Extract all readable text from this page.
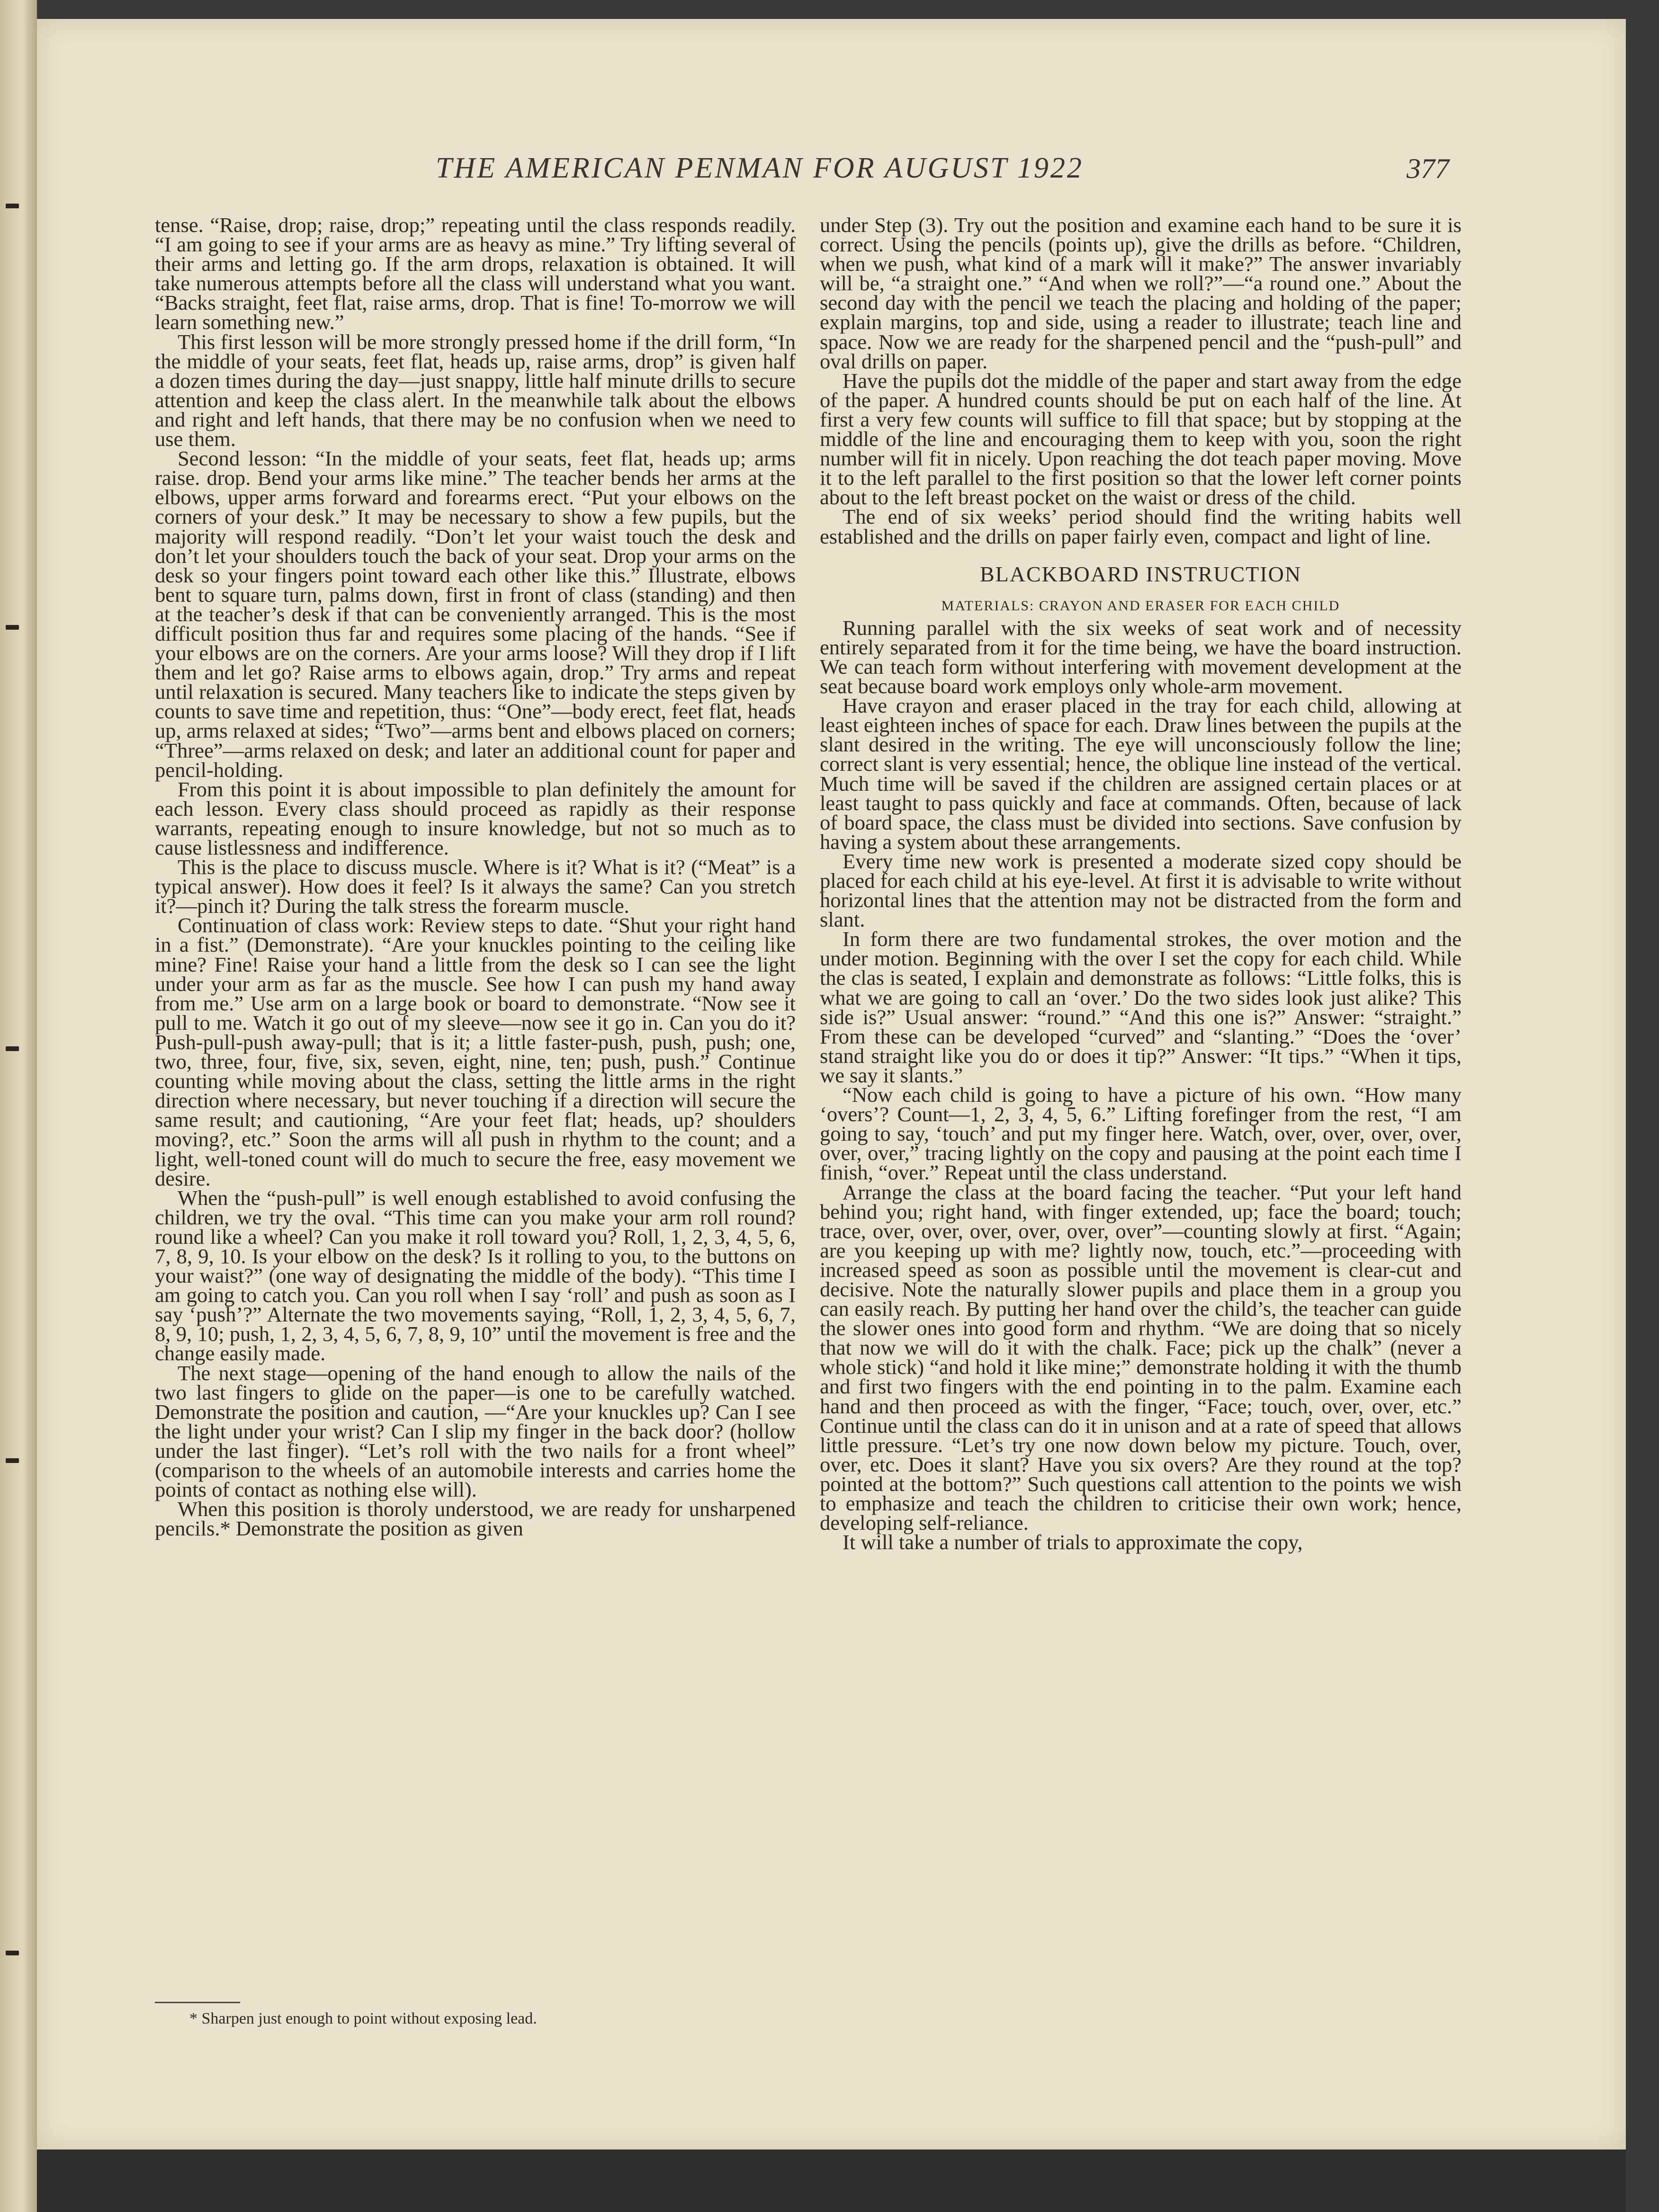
THE AMERICAN PENMAN FOR AUGUST 1922	377

tense. “Raise, drop; raise, drop;” repeating until the class responds readily. “I am going to see if your arms are as heavy as mine.” Try lifting several of their arms and letting go. If the arm drops, relaxation is obtained. It will take numerous attempts before all the class will understand what you want. “Backs straight, feet flat, raise arms, drop. That is fine! To-morrow we will learn something new.”

This first lesson will be more strongly pressed home if the drill form, “In the middle of your seats, feet flat, heads up, raise arms, drop” is given half a dozen times during the day—just snappy, little half minute drills to secure attention and keep the class alert. In the meanwhile talk about the elbows and right and left hands, that there may be no confusion when we need to use them.

Second lesson: “In the middle of your seats, feet flat, heads up; arms raise. drop. Bend your arms like mine.” The teacher bends her arms at the elbows, upper arms forward and forearms erect. “Put your elbows on the corners of your desk.” It may be necessary to show a few pupils, but the majority will respond readily. “Don’t let your waist touch the desk and don’t let your shoulders touch the back of your seat. Drop your arms on the desk so your fingers point toward each other like this.” Illustrate, elbows bent to square turn, palms down, first in front of class (standing) and then at the teacher’s desk if that can be conveniently arranged. This is the most difficult position thus far and requires some placing of the hands. “See if your elbows are on the corners. Are your arms loose? Will they drop if I lift them and let go? Raise arms to elbows again, drop.” Try arms and repeat until relaxation is secured. Many teachers like to indicate the steps given by counts to save time and repetition, thus: “One”—body erect, feet flat, heads up, arms relaxed at sides; “Two”—arms bent and elbows placed on corners; “Three”—arms relaxed on desk; and later an additional count for paper and pencil-holding.

From this point it is about impossible to plan definitely the amount for each lesson. Every class should proceed as rapidly as their response warrants, repeating enough to insure knowledge, but not so much as to cause listlessness and indifference.

This is the place to discuss muscle. Where is it? What is it? (“Meat” is a typical answer). How does it feel? Is it always the same? Can you stretch it?—pinch it? During the talk stress the forearm muscle.

Continuation of class work: Review steps to date. “Shut your right hand in a fist.” (Demonstrate). “Are your knuckles pointing to the ceiling like mine? Fine! Raise your hand a little from the desk so I can see the light under your arm as far as the muscle. See how I can push my hand away from me.” Use arm on a large book or board to demonstrate. “Now see it pull to me. Watch it go out of my sleeve—now see it go in. Can you do it? Push-pull-push away-pull; that is it; a little faster-push, push, push; one, two, three, four, five, six, seven, eight, nine, ten; push, push.” Continue counting while moving about the class, setting the little arms in the right direction where necessary, but never touching if a direction will secure the same result; and cautioning, “Are your feet flat; heads, up? shoulders moving?, etc.” Soon the arms will all push in rhythm to the count; and a light, well-toned count will do much to secure the free, easy movement we desire.

When the “push-pull” is well enough established to avoid confusing the children, we try the oval. “This time can you make your arm roll round? round like a wheel? Can you make it roll toward you? Roll, 1, 2, 3, 4, 5, 6, 7, 8, 9, 10. Is your elbow on the desk? Is it rolling to you, to the buttons on your waist?” (one way of designating the middle of the body). “This time I am going to catch you. Can you roll when I say ‘roll’ and push as soon as I say ‘push’?” Alternate the two movements saying, “Roll, 1, 2, 3, 4, 5, 6, 7, 8, 9, 10; push, 1, 2, 3, 4, 5, 6, 7, 8, 9, 10” until the movement is free and the change easily made.

The next stage—opening of the hand enough to allow the nails of the two last fingers to glide on the paper—is one to be carefully watched. Demonstrate the position and caution, —“Are your knuckles up? Can I see the light under your wrist? Can I slip my finger in the back door? (hollow under the last finger). “Let’s roll with the two nails for a front wheel” (comparison to the wheels of an automobile interests and carries home the points of contact as nothing else will).

When this position is thoroly understood, we are ready for unsharpened pencils.* Demonstrate the position as given

* Sharpen just enough to point without exposing lead.

under Step (3). Try out the position and examine each hand to be sure it is correct. Using the pencils (points up), give the drills as before. “Children, when we push, what kind of a mark will it make?” The answer invariably will be, “a straight one.” “And when we roll?”—“a round one.” About the second day with the pencil we teach the placing and holding of the paper; explain margins, top and side, using a reader to illustrate; teach line and space. Now we are ready for the sharpened pencil and the “push-pull” and oval drills on paper.

Have the pupils dot the middle of the paper and start away from the edge of the paper. A hundred counts should be put on each half of the line. At first a very few counts will suffice to fill that space; but by stopping at the middle of the line and encouraging them to keep with you, soon the right number will fit in nicely. Upon reaching the dot teach paper moving. Move it to the left parallel to the first position so that the lower left corner points about to the left breast pocket on the waist or dress of the child.

The end of six weeks’ period should find the writing habits well established and the drills on paper fairly even, compact and light of line.

BLACKBOARD INSTRUCTION
MATERIALS: CRAYON AND ERASER FOR EACH CHILD

Running parallel with the six weeks of seat work and of necessity entirely separated from it for the time being, we have the board instruction. We can teach form without interfering with movement development at the seat because board work employs only whole-arm movement.

Have crayon and eraser placed in the tray for each child, allowing at least eighteen inches of space for each. Draw lines between the pupils at the slant desired in the writing. The eye will unconsciously follow the line; correct slant is very essential; hence, the oblique line instead of the vertical. Much time will be saved if the children are assigned certain places or at least taught to pass quickly and face at commands. Often, because of lack of board space, the class must be divided into sections. Save confusion by having a system about these arrangements.

Every time new work is presented a moderate sized copy should be placed for each child at his eye-level. At first it is advisable to write without horizontal lines that the attention may not be distracted from the form and slant.

In form there are two fundamental strokes, the over motion and the under motion. Beginning with the over I set the copy for each child. While the clas is seated, I explain and demonstrate as follows: “Little folks, this is what we are going to call an ‘over.’ Do the two sides look just alike? This side is?” Usual answer: “round.” “And this one is?” Answer: “straight.” From these can be developed “curved” and “slanting.” “Does the ‘over’ stand straight like you do or does it tip?” Answer: “It tips.” “When it tips, we say it slants.”

“Now each child is going to have a picture of his own. “How many ‘overs’? Count—1, 2, 3, 4, 5, 6.” Lifting forefinger from the rest, “I am going to say, ‘touch’ and put my finger here. Watch, over, over, over, over, over, over,” tracing lightly on the copy and pausing at the point each time I finish, “over.” Repeat until the class understand.

Arrange the class at the board facing the teacher. “Put your left hand behind you; right hand, with finger extended, up; face the board; touch; trace, over, over, over, over, over, over”—counting slowly at first. “Again; are you keeping up with me? lightly now, touch, etc.”—proceeding with increased speed as soon as possible until the movement is clear-cut and decisive. Note the naturally slower pupils and place them in a group you can easily reach. By putting her hand over the child’s, the teacher can guide the slower ones into good form and rhythm. “We are doing that so nicely that now we will do it with the chalk. Face; pick up the chalk” (never a whole stick) “and hold it like mine;” demonstrate holding it with the thumb and first two fingers with the end pointing in to the palm. Examine each hand and then proceed as with the finger, “Face; touch, over, over, etc.” Continue until the class can do it in unison and at a rate of speed that allows little pressure. “Let’s try one now down below my picture. Touch, over, over, etc. Does it slant? Have you six overs? Are they round at the top? pointed at the bottom?” Such questions call attention to the points we wish to emphasize and teach the children to criticise their own work; hence, developing self-reliance.

It will take a number of trials to approximate the copy,
